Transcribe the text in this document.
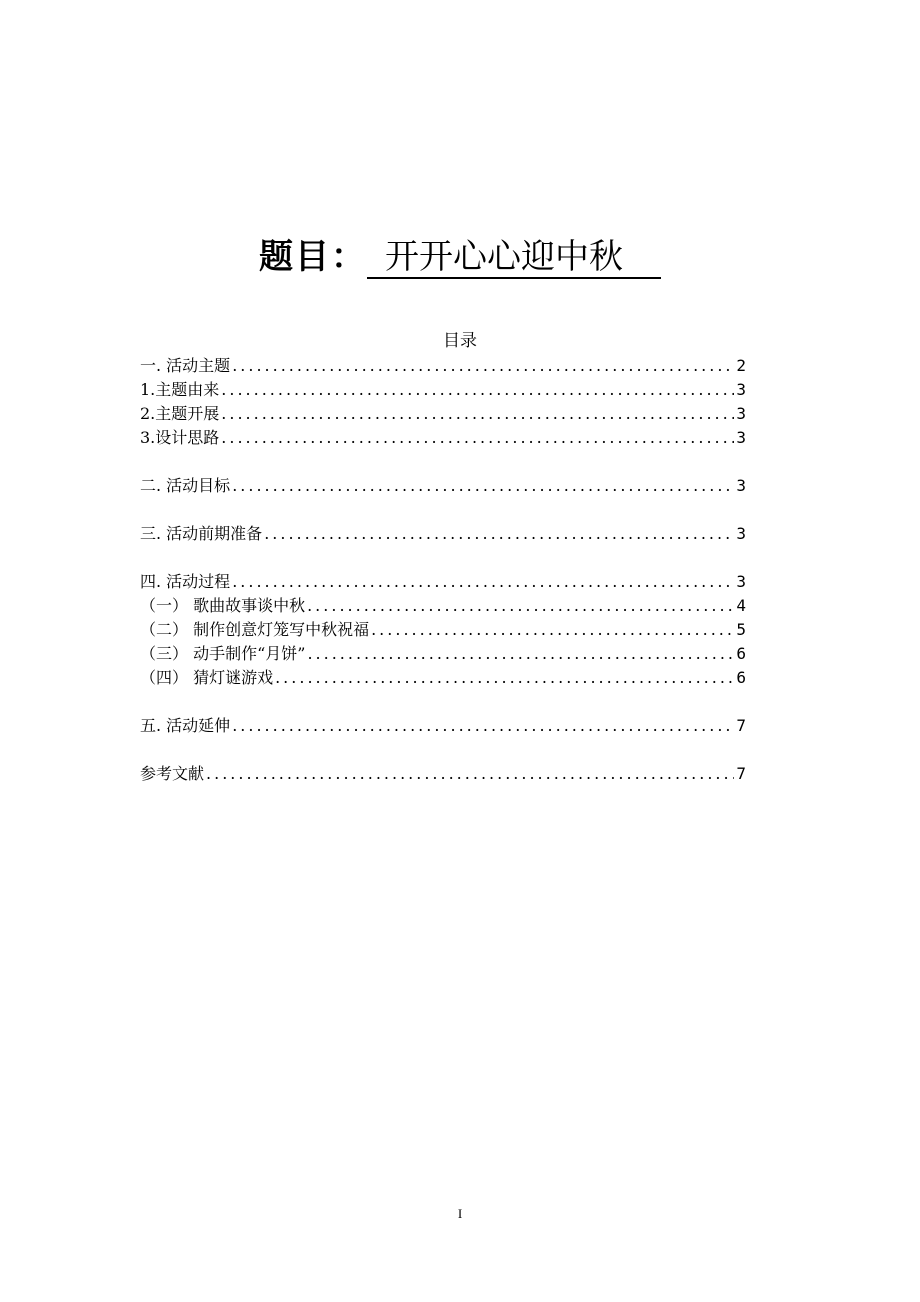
题目： 开开心心迎中秋
目录
一. 活动主题 .....	2
1.主题由来 .....	3
2.主题开展 .....	3
3.设计思路 .....	3
二. 活动目标 .....	3
三. 活动前期准备 .....	3
四. 活动过程 .....	3
（一） 歌曲故事谈中秋 .....	4
（二） 制作创意灯笼写中秋祝福 .....	5
（三） 动手制作“月饼” .....	6
（四） 猜灯谜游戏 .....	6
五. 活动延伸 .....	7
参考文献 .....	7
I
